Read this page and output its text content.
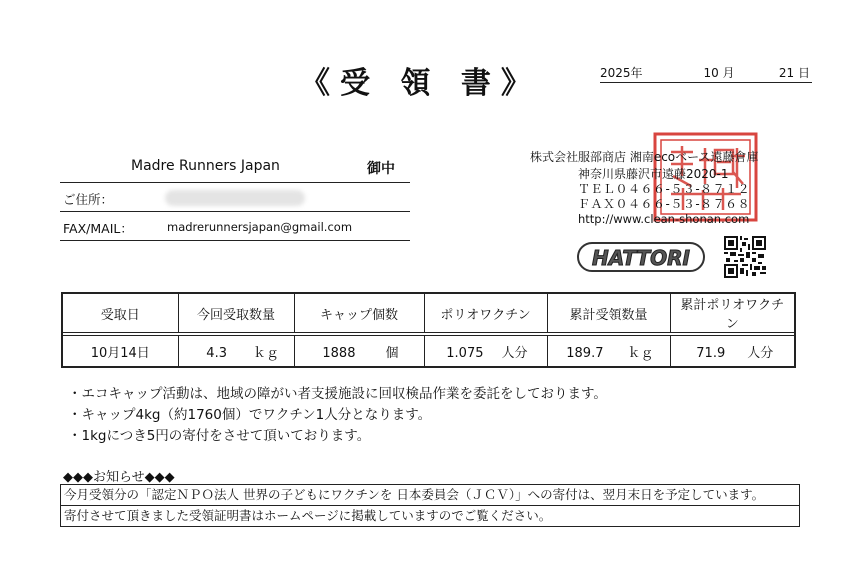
《受 領 書》	2025年	10 月	21 日
Madre Runners Japan	御中
ご住所：
FAX/MAIL：	madrerunnersjapan@gmail.com
株式会社服部商店 湘南ecoベース遠藤倉庫
神奈川県藤沢市遠藤2020-1
ＴＥＬ０４６６-５３-８７１２
ＦＡＸ０４６６-５３-８７６８
http://www.clean-shonan.com
HATTORI
受取日	今回受取数量	キャップ個数	ポリオワクチン	累計受領数量	累計ポリオワクチン

10月14日	4.3 ｋｇ	1888 個	1.075 人分	189.7 ｋｇ	71.9 人分
・エコキャップ活動は、地域の障がい者支援施設に回収検品作業を委託をしております。
・キャップ4kg（約1760個）でワクチン1人分となります。
・1kgにつき5円の寄付をさせて頂いております。
◆◆◆お知らせ◆◆◆
今月受領分の「認定ＮＰＯ法人 世界の子どもにワクチンを 日本委員会（ＪＣＶ）」への寄付は、翌月末日を予定しています。
寄付させて頂きました受領証明書はホームページに掲載していますのでご覧ください。
